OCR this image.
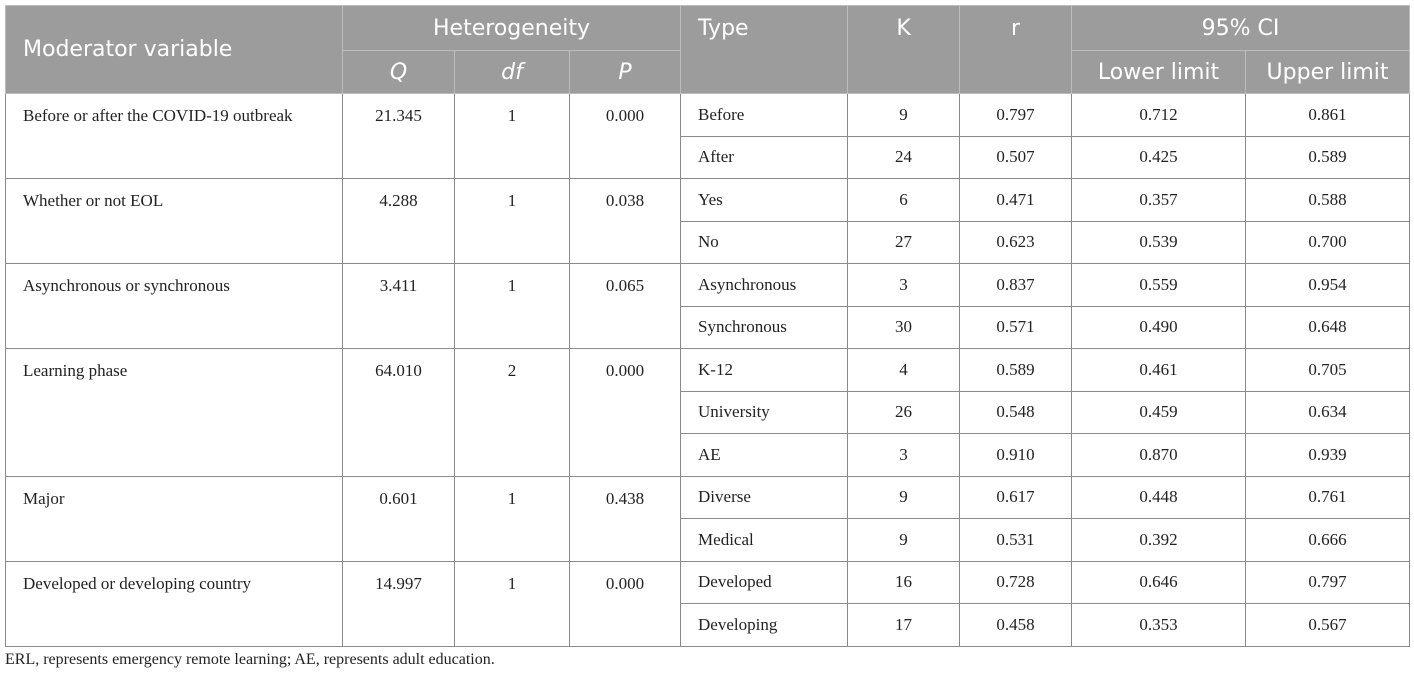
Moderator variable	Heterogeneity			Type	K	r	95% CI	
	Q	df	P				Lower limit	Upper limit
Before or after the COVID-19 outbreak	21.345	1	0.000	Before	9	0.797	0.712	0.861
				After	24	0.507	0.425	0.589
Whether or not EOL	4.288	1	0.038	Yes	6	0.471	0.357	0.588
				No	27	0.623	0.539	0.700
Asynchronous or synchronous	3.411	1	0.065	Asynchronous	3	0.837	0.559	0.954
				Synchronous	30	0.571	0.490	0.648
Learning phase	64.010	2	0.000	K-12	4	0.589	0.461	0.705
				University	26	0.548	0.459	0.634
				AE	3	0.910	0.870	0.939
Major	0.601	1	0.438	Diverse	9	0.617	0.448	0.761
				Medical	9	0.531	0.392	0.666
Developed or developing country	14.997	1	0.000	Developed	16	0.728	0.646	0.797
				Developing	17	0.458	0.353	0.567
ERL, represents emergency remote learning; AE, represents adult education.
